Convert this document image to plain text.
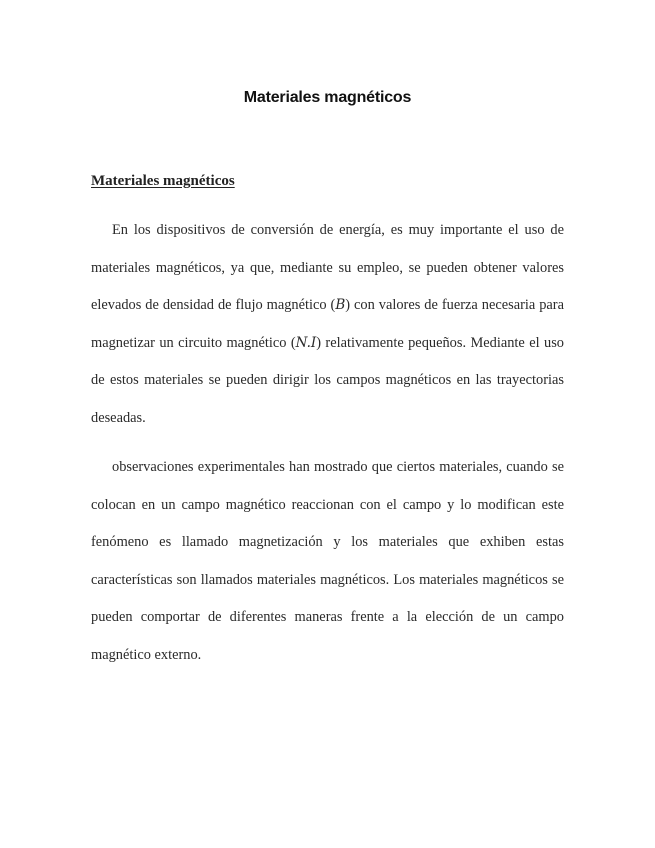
Materiales magnéticos
Materiales magnéticos

En los dispositivos de conversión de energía, es muy importante el uso de materiales magnéticos, ya que, mediante su empleo, se pueden obtener valores elevados de densidad de flujo magnético (B) con valores de fuerza necesaria para magnetizar un circuito magnético (N.I) relativamente pequeños. Mediante el uso de estos materiales se pueden dirigir los campos magnéticos en las trayectorias deseadas.

observaciones experimentales han mostrado que ciertos materiales, cuando se colocan en un campo magnético reaccionan con el campo y lo modifican este fenómeno es llamado magnetización y los materiales que exhiben estas características son llamados materiales magnéticos. Los materiales magnéticos se pueden comportar de diferentes maneras frente a la elección de un campo magnético externo.
